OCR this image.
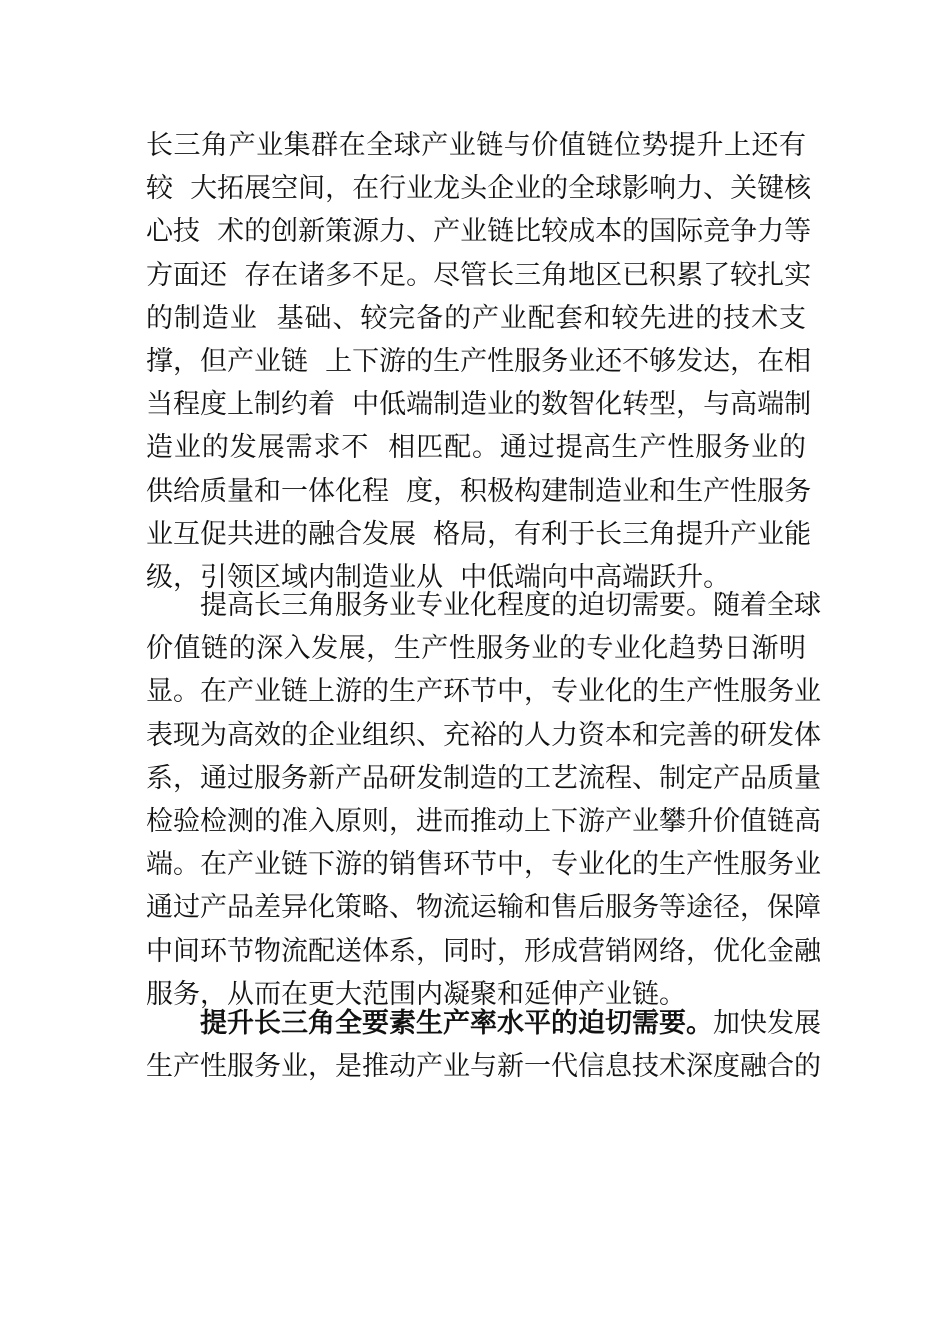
长三角产业集群在全球产业链与价值链位势提升上还有
较  大拓展空间，在行业龙头企业的全球影响力、关键核
心技  术的创新策源力、产业链比较成本的国际竞争力等
方面还  存在诸多不足。尽管长三角地区已积累了较扎实
的制造业  基础、较完备的产业配套和较先进的技术支
撑，但产业链  上下游的生产性服务业还不够发达，在相
当程度上制约着  中低端制造业的数智化转型，与高端制
造业的发展需求不  相匹配。通过提高生产性服务业的
供给质量和一体化程  度，积极构建制造业和生产性服务
业互促共进的融合发展  格局，有利于长三角提升产业能
级，引领区域内制造业从  中低端向中高端跃升。
提高长三角服务业专业化程度的迫切需要。随着全球
价值链的深入发展，生产性服务业的专业化趋势日渐明
显。在产业链上游的生产环节中，专业化的生产性服务业
表现为高效的企业组织、充裕的人力资本和完善的研发体
系，通过服务新产品研发制造的工艺流程、制定产品质量
检验检测的准入原则，进而推动上下游产业攀升价值链高
端。在产业链下游的销售环节中，专业化的生产性服务业
通过产品差异化策略、物流运输和售后服务等途径，保障
中间环节物流配送体系，同时，形成营销网络，优化金融
服务，从而在更大范围内凝聚和延伸产业链。
提升长三角全要素生产率水平的迫切需要。加快发展
生产性服务业，是推动产业与新一代信息技术深度融合的
